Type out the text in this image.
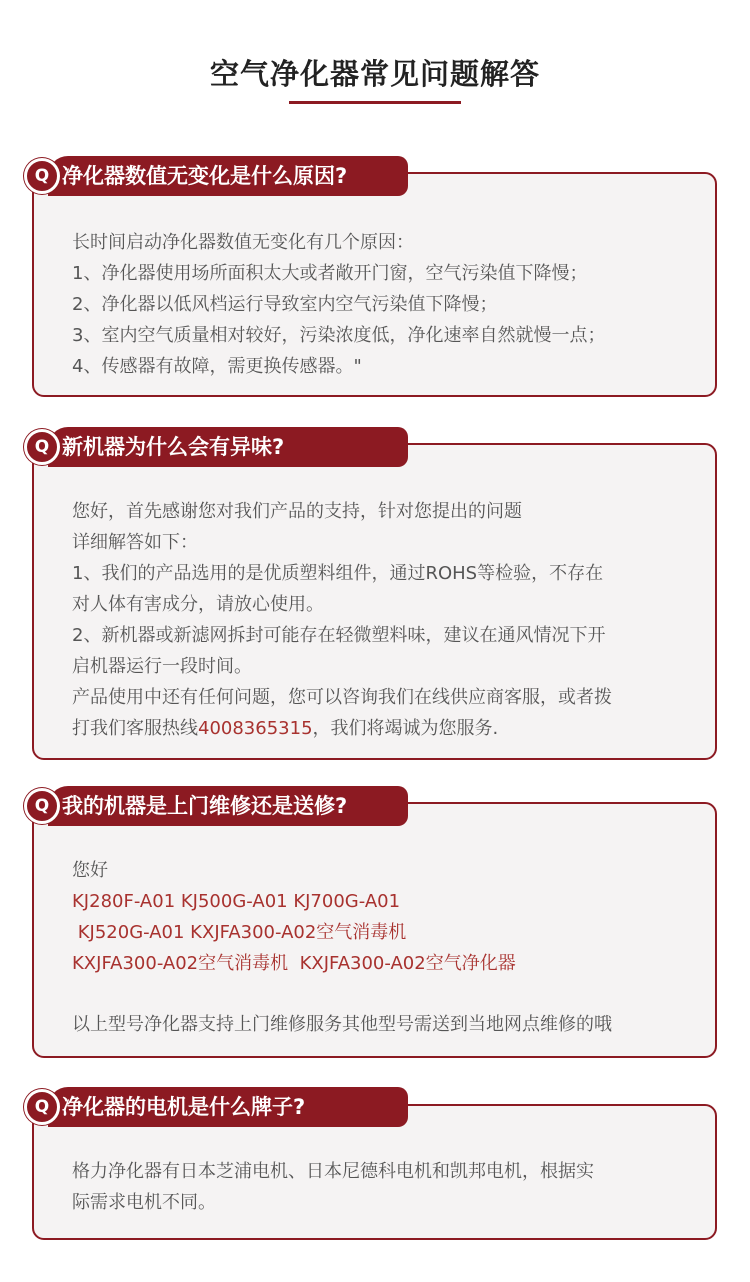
空气净化器常见问题解答
净化器数值无变化是什么原因?
Q

长时间启动净化器数值无变化有几个原因：

1、净化器使用场所面积太大或者敞开门窗，空气污染值下降慢；

2、净化器以低风档运行导致室内空气污染值下降慢；

3、室内空气质量相对较好，污染浓度低，净化速率自然就慢一点；

4、传感器有故障，需更换传感器。"

新机器为什么会有异味?
Q

您好，首先感谢您对我们产品的支持，针对您提出的问题

详细解答如下：

1、我们的产品选用的是优质塑料组件，通过ROHS等检验，不存在

对人体有害成分，请放心使用。

2、新机器或新滤网拆封可能存在轻微塑料味，建议在通风情况下开

启机器运行一段时间。

产品使用中还有任何问题，您可以咨询我们在线供应商客服，或者拨

打我们客服热线4008365315，我们将竭诚为您服务.

我的机器是上门维修还是送修?
Q

您好

KJ280F-A01 KJ500G-A01 KJ700G-A01

KJ520G-A01 KXJFA300-A02空气消毒机

KXJFA300-A02空气消毒机  KXJFA300-A02空气净化器

以上型号净化器支持上门维修服务其他型号需送到当地网点维修的哦

净化器的电机是什么牌子?
Q

格力净化器有日本芝浦电机、日本尼德科电机和凯邦电机，根据实

际需求电机不同。
